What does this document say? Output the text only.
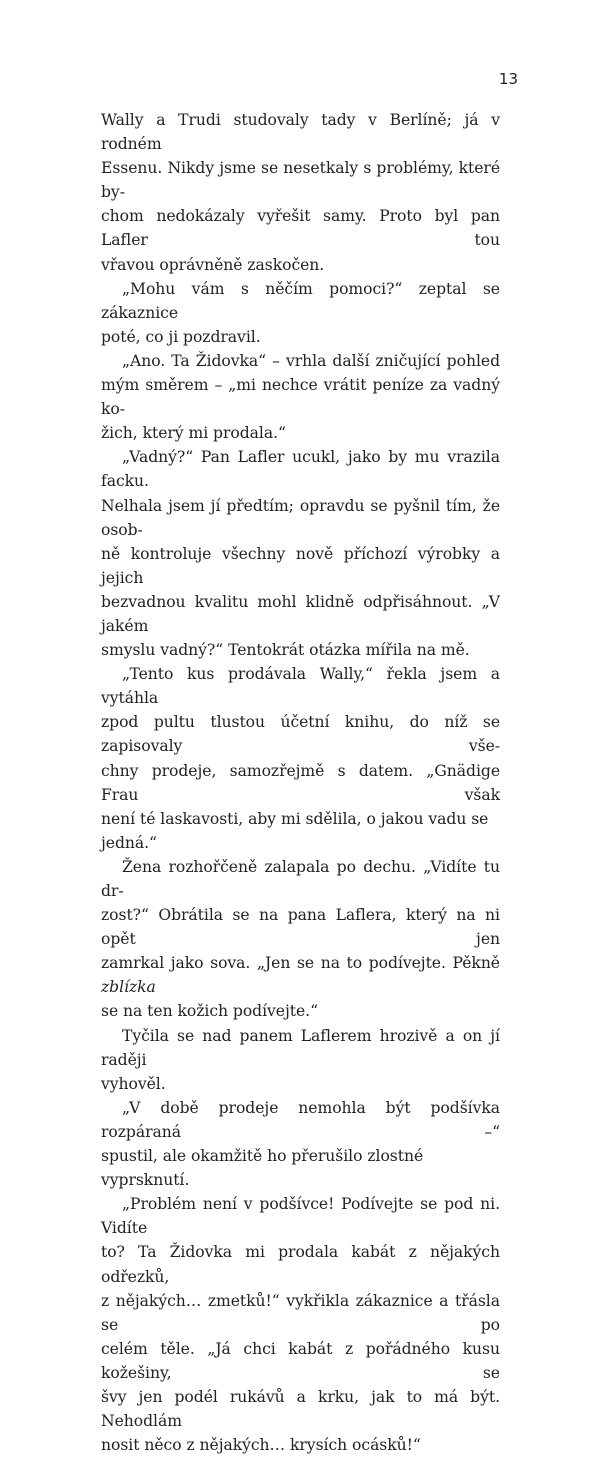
13

Wally a Trudi studovaly tady v Berlíně; já v rodném
Essenu. Nikdy jsme se nesetkaly s problémy, které by-
chom nedokázaly vyřešit samy. Proto byl pan Lafler tou
vřavou oprávněně zaskočen.

„Mohu vám s něčím pomoci?“ zeptal se zákaznice
poté, co ji pozdravil.

„Ano. Ta Židovka“ – vrhla další zničující pohled
mým směrem – „mi nechce vrátit peníze za vadný ko-
žich, který mi prodala.“

„Vadný?“ Pan Lafler ucukl, jako by mu vrazila facku.
Nelhala jsem jí předtím; opravdu se pyšnil tím, že osob-
ně kontroluje všechny nově příchozí výrobky a jejich
bezvadnou kvalitu mohl klidně odpřisáhnout. „V jakém
smyslu vadný?“ Tentokrát otázka mířila na mě.

„Tento kus prodávala Wally,“ řekla jsem a vytáhla
zpod pultu tlustou účetní knihu, do níž se zapisovaly vše-
chny prodeje, samozřejmě s datem. „Gnädige Frau však
není té laskavosti, aby mi sdělila, o jakou vadu se jedná.“

Žena rozhořčeně zalapala po dechu. „Vidíte tu dr-
zost?“ Obrátila se na pana Laflera, který na ni opět jen
zamrkal jako sova. „Jen se na to podívejte. Pěkně zblízka
se na ten kožich podívejte.“

Tyčila se nad panem Laflerem hrozivě a on jí raději
vyhověl.

„V době prodeje nemohla být podšívka rozpáraná –“
spustil, ale okamžitě ho přerušilo zlostné vyprsknutí.

„Problém není v podšívce! Podívejte se pod ni. Vidíte
to? Ta Židovka mi prodala kabát z nějakých odřezků,
z nějakých… zmetků!“ vykřikla zákaznice a třásla se po
celém těle. „Já chci kabát z pořádného kusu kožešiny, se
švy jen podél rukávů a krku, jak to má být. Nehodlám
nosit něco z nějakých… krysích ocásků!“
